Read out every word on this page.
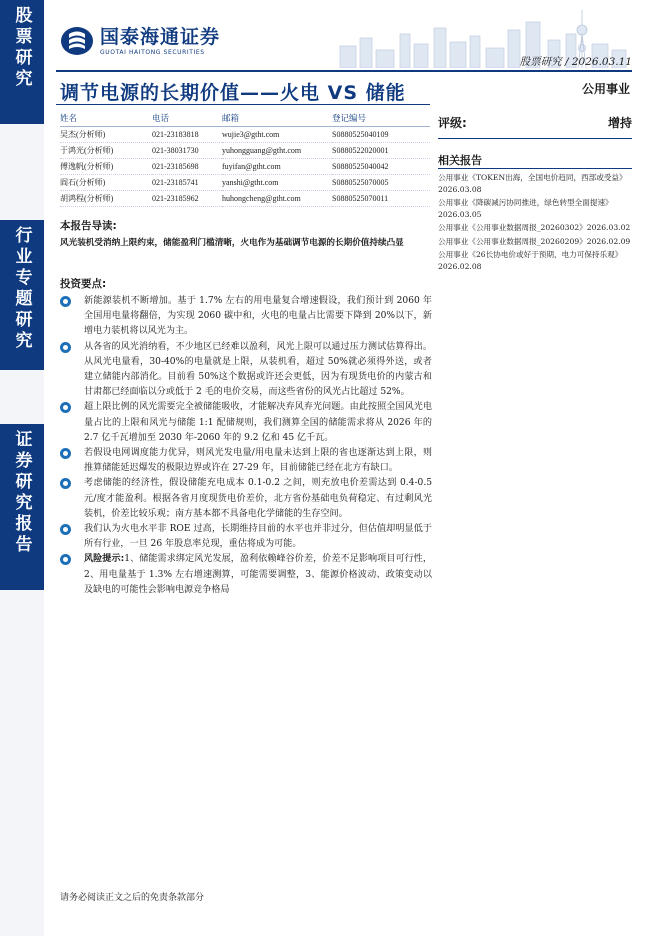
股票研究
行业专题研究
证券研究报告
国泰海通证券
GUOTAI HAITONG SECURITIES
股票研究 / 2026.03.11
调节电源的长期价值——火电 VS 储能	公用事业
姓名	电话	邮箱	登记编号
吴杰(分析师)	021-23183818	wujie3@gtht.com	S0880525040109
于鸿光(分析师)	021-38031730	yuhongguang@gtht.com	S0880522020001
傅逸帆(分析师)	021-23185698	fuyifan@gtht.com	S0880525040042
阎石(分析师)	021-23185741	yanshi@gtht.com	S0880525070005
胡鸿程(分析师)	021-23185962	huhongcheng@gtht.com	S0880525070011
评级:	增持
相关报告
公用事业《TOKEN出海，全国电价趋同，西部或受益》2026.03.08
公用事业《降碳减污协同推进，绿色转型全面提速》2026.03.05
公用事业《公用事业数据周报_20260302》2026.03.02
公用事业《公用事业数据周报_20260209》2026.02.09
公用事业《26长协电价或好于预期，电力可保持乐观》2026.02.08
本报告导读:
风光装机受消纳上限约束，储能盈利门槛清晰，火电作为基础调节电源的长期价值持续凸显
投资要点:
新能源装机不断增加。基于 1.7% 左右的用电量复合增速假设，我们预计到 2060 年全国用电量将翻倍，为实现 2060 碳中和，火电的电量占比需要下降到 20%以下，新增电力装机将以风光为主。
从各省的风光消纳看，不少地区已经难以盈利，风光上限可以通过压力测试估算得出。从风光电量看，30-40%的电量就是上限，从装机看，超过 50%就必须得外送，或者建立储能内部消化。目前看 50%这个数据或许还会更低，因为有现货电价的内蒙古和甘肃都已经面临以分或低于 2 毛的电价交易，而这些省份的风光占比超过 52%。
超上限比例的风光需要完全被储能吸收，才能解决弃风弃光问题。由此按照全国风光电量占比的上限和风光与储能 1:1 配储规则，我们测算全国的储能需求将从 2026 年的 2.7 亿千瓦增加至 2030 年-2060 年的 9.2 亿和 45 亿千瓦。
若假设电网调度能力优异，则风光发电量/用电量未达到上限的省也逐渐达到上限，则推算储能延迟爆发的极限边界或许在 27-29 年，目前储能已经在北方有缺口。
考虑储能的经济性，假设储能充电成本 0.1-0.2 之间，则充放电价差需达到 0.4-0.5 元/度才能盈利。根据各省月度现货电价差价，北方省份基础电负荷稳定、有过剩风光装机，价差比较乐观；南方基本都不具备电化学储能的生存空间。
我们认为火电水平非 ROE 过高，长期维持目前的水平也并非过分，但估值却明显低于所有行业，一旦 26 年股息率兑现，重估将成为可能。
风险提示:1、储能需求绑定风光发展，盈利依赖峰谷价差，价差不足影响项目可行性，2、用电量基于 1.3% 左右增速测算，可能需要调整，3、能源价格波动、政策变动以及缺电的可能性会影响电源竞争格局
请务必阅读正文之后的免责条款部分
